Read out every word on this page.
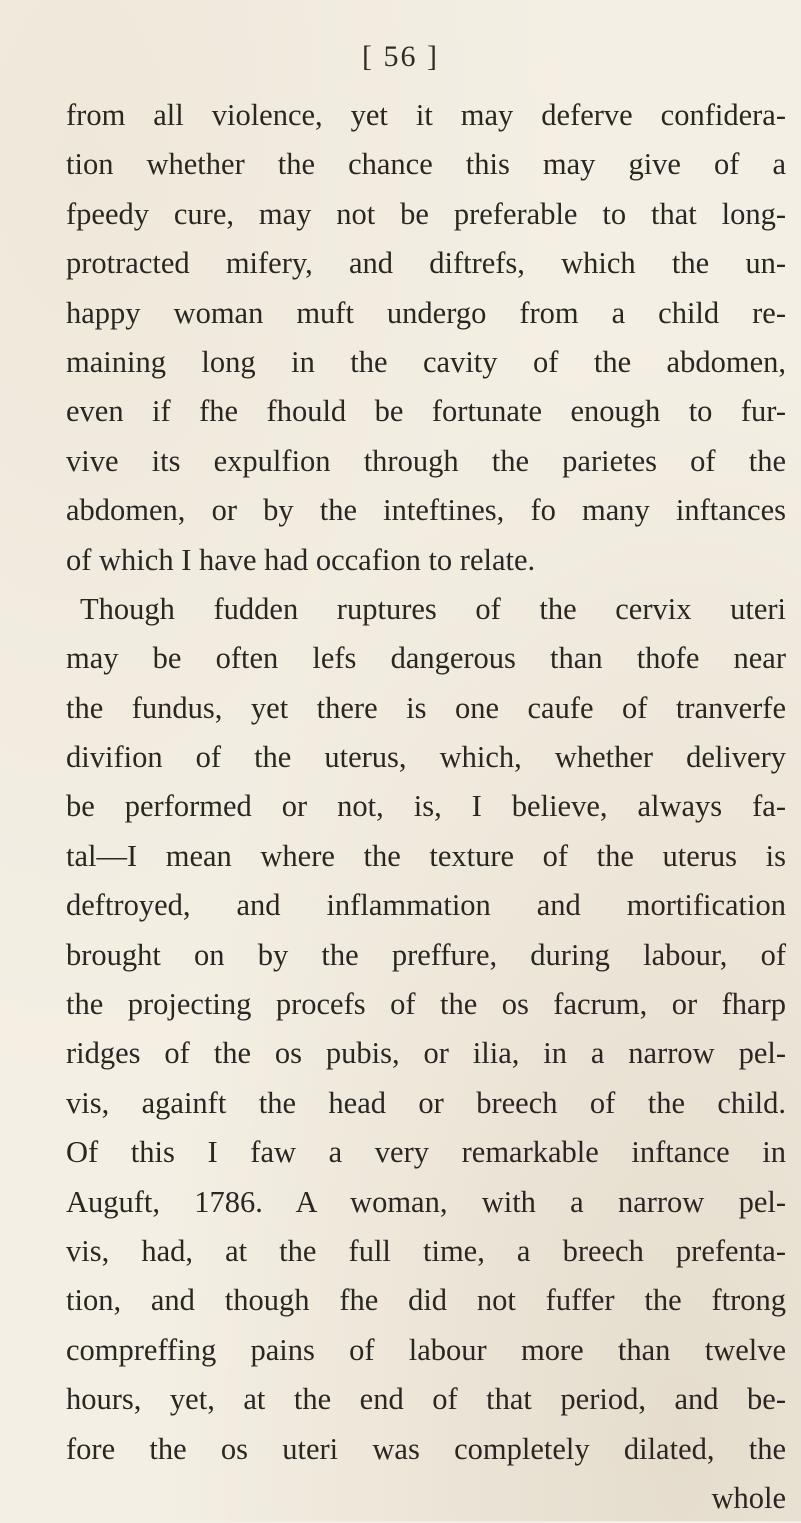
[ 56 ]
from all violence, yet it may deferve confidera-
tion whether the chance this may give of a
fpeedy cure, may not be preferable to that long-
protracted mifery, and diftrefs, which the un-
happy woman muft undergo from a child re-
maining long in the cavity of the abdomen,
even if fhe fhould be fortunate enough to fur-
vive its expulfion through the parietes of the
abdomen, or by the inteftines, fo many inftances
of which I have had occafion to relate.
Though fudden ruptures of the cervix uteri
may be often lefs dangerous than thofe near
the fundus, yet there is one caufe of tranverfe
divifion of the uterus, which, whether delivery
be performed or not, is, I believe, always fa-
tal—I mean where the texture of the uterus is
deftroyed, and inflammation and mortification
brought on by the preffure, during labour, of
the projecting procefs of the os facrum, or fharp
ridges of the os pubis, or ilia, in a narrow pel-
vis, againft the head or breech of the child.
Of this I faw a very remarkable inftance in
Auguft, 1786. A woman, with a narrow pel-
vis, had, at the full time, a breech prefenta-
tion, and though fhe did not fuffer the ftrong
compreffing pains of labour more than twelve
hours, yet, at the end of that period, and be-
fore the os uteri was completely dilated, the
whole
